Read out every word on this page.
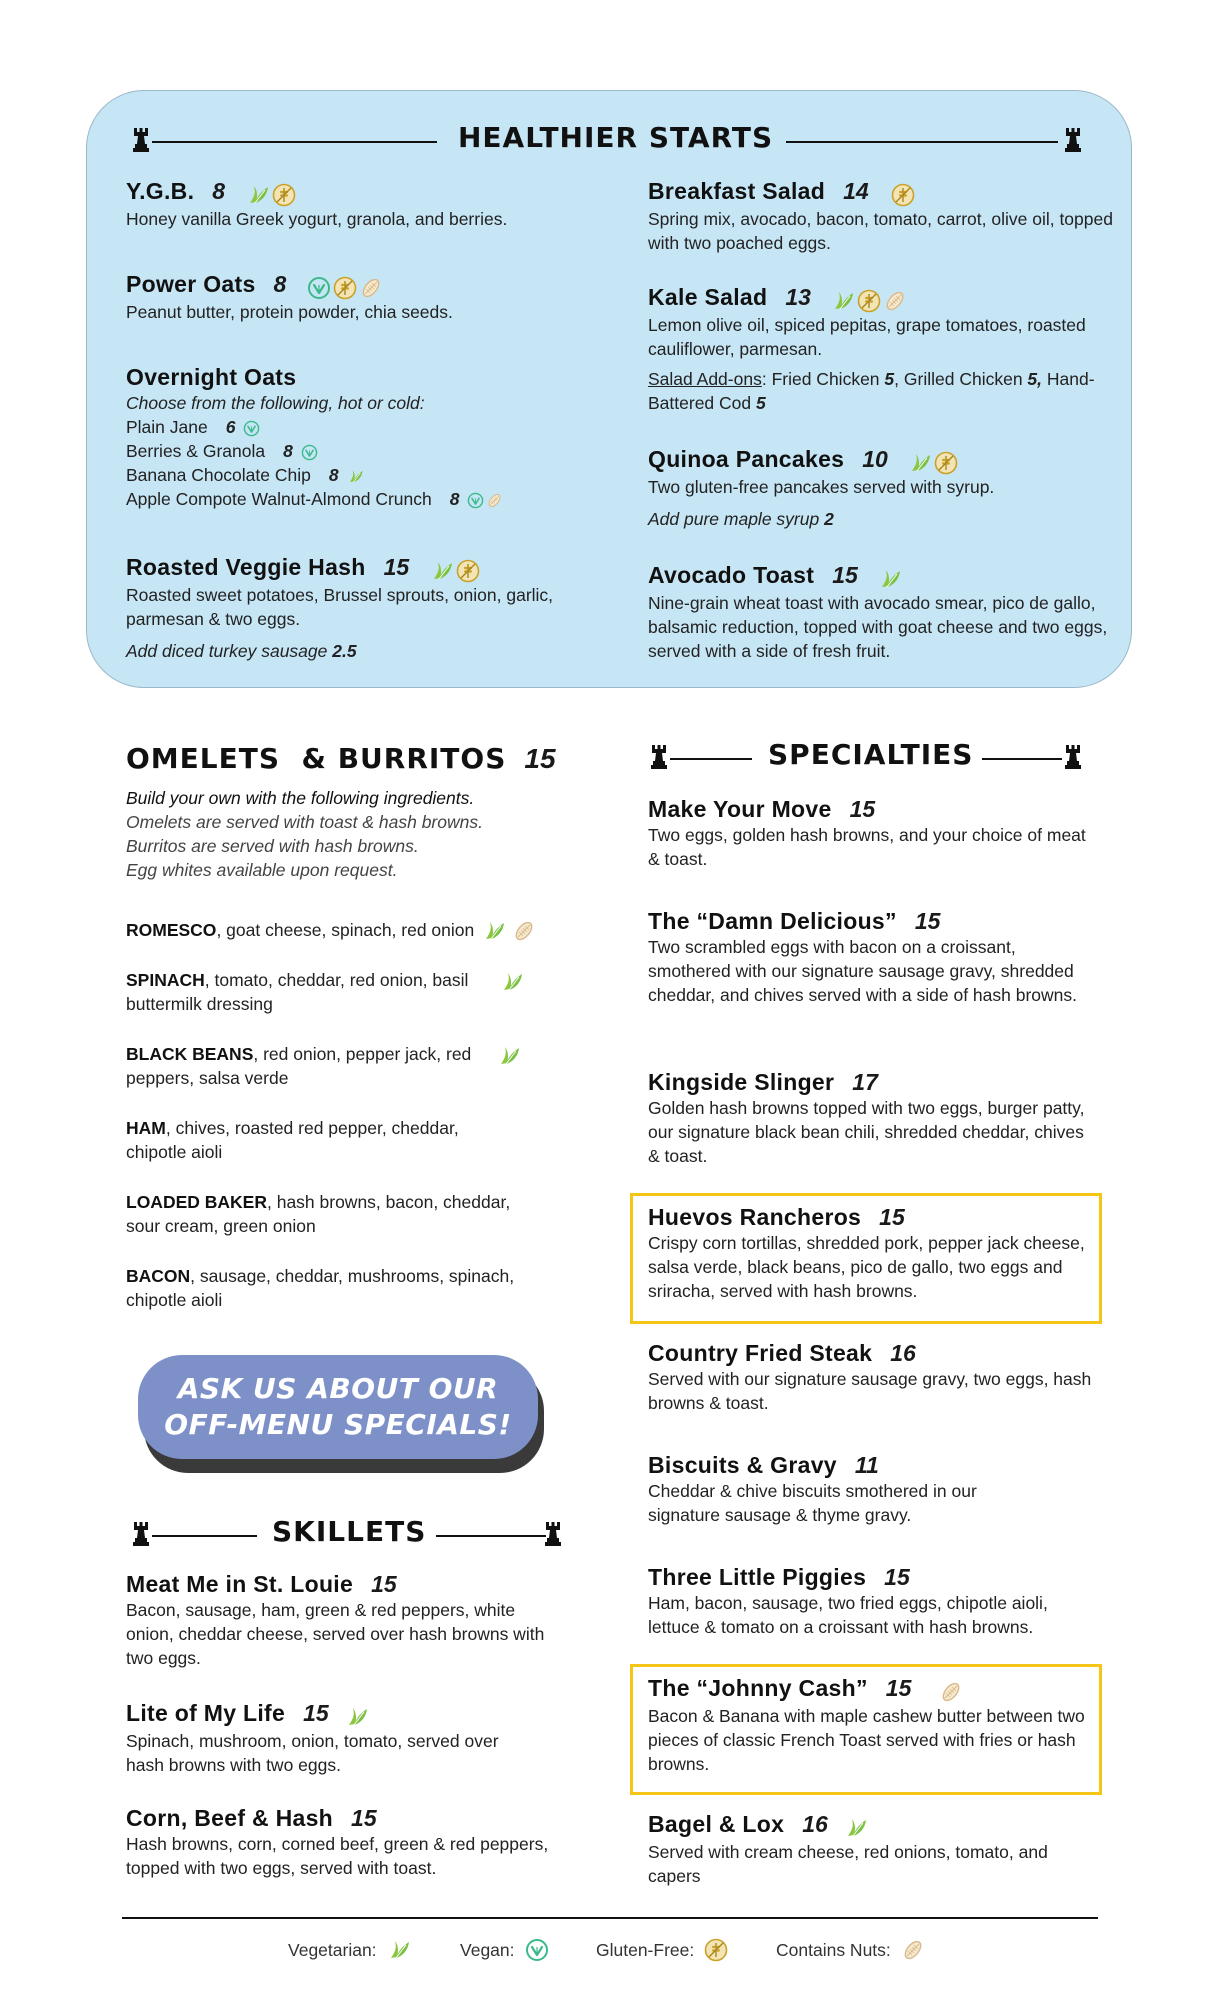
HEALTHIER STARTS
Y.G.B. 8
Honey vanilla Greek yogurt, granola, and berries.
Power Oats 8
Peanut butter, protein powder, chia seeds.
Overnight Oats
Choose from the following, hot or cold:
Plain Jane 6
Berries & Granola 8
Banana Chocolate Chip 8
Apple Compote Walnut-Almond Crunch 8
Roasted Veggie Hash 15
Roasted sweet potatoes, Brussel sprouts, onion, garlic, parmesan & two eggs.
Add diced turkey sausage 2.5
Breakfast Salad 14
Spring mix, avocado, bacon, tomato, carrot, olive oil, topped with two poached eggs.
Kale Salad 13
Lemon olive oil, spiced pepitas, grape tomatoes, roasted cauliflower, parmesan.
Salad Add-ons: Fried Chicken 5, Grilled Chicken 5, Hand-Battered Cod 5
Quinoa Pancakes 10
Two gluten-free pancakes served with syrup.
Add pure maple syrup 2
Avocado Toast 15
Nine-grain wheat toast with avocado smear, pico de gallo, balsamic reduction, topped with goat cheese and two eggs, served with a side of fresh fruit.
OMELETS  & BURRITOS 15
Build your own with the following ingredients.
Omelets are served with toast & hash browns.
Burritos are served with hash browns.
Egg whites available upon request.
ROMESCO, goat cheese, spinach, red onion
SPINACH, tomato, cheddar, red onion, basil buttermilk dressing
BLACK BEANS, red onion, pepper jack, red peppers, salsa verde
HAM, chives, roasted red pepper, cheddar, chipotle aioli
LOADED BAKER, hash browns, bacon, cheddar, sour cream, green onion
BACON, sausage, cheddar, mushrooms, spinach, chipotle aioli
ASK US ABOUT OUR
OFF-MENU SPECIALS!
SKILLETS
Meat Me in St. Louie 15
Bacon, sausage, ham, green & red peppers, white onion, cheddar cheese, served over hash browns with two eggs.
Lite of My Life 15
Spinach, mushroom, onion, tomato, served over hash browns with two eggs.
Corn, Beef & Hash 15
Hash browns, corn, corned beef, green & red peppers, topped with two eggs, served with toast.
SPECIALTIES
Make Your Move 15
Two eggs, golden hash browns, and your choice of meat & toast.
The “Damn Delicious” 15
Two scrambled eggs with bacon on a croissant, smothered with our signature sausage gravy, shredded cheddar, and chives served with a side of hash browns.
Kingside Slinger 17
Golden hash browns topped with two eggs, burger patty, our signature black bean chili, shredded cheddar, chives & toast.
Huevos Rancheros 15
Crispy corn tortillas, shredded pork, pepper jack cheese, salsa verde, black beans, pico de gallo, two eggs and sriracha, served with hash browns.
Country Fried Steak 16
Served with our signature sausage gravy, two eggs, hash browns & toast.
Biscuits & Gravy 11
Cheddar & chive biscuits smothered in our signature sausage & thyme gravy.
Three Little Piggies 15
Ham, bacon, sausage, two fried eggs, chipotle aioli, lettuce & tomato on a croissant with hash browns.
The “Johnny Cash” 15
Bacon & Banana with maple cashew butter between two pieces of classic French Toast served with fries or hash browns.
Bagel & Lox 16
Served with cream cheese, red onions, tomato, and capers
Vegetarian:	Vegan:	Gluten-Free:	Contains Nuts:
